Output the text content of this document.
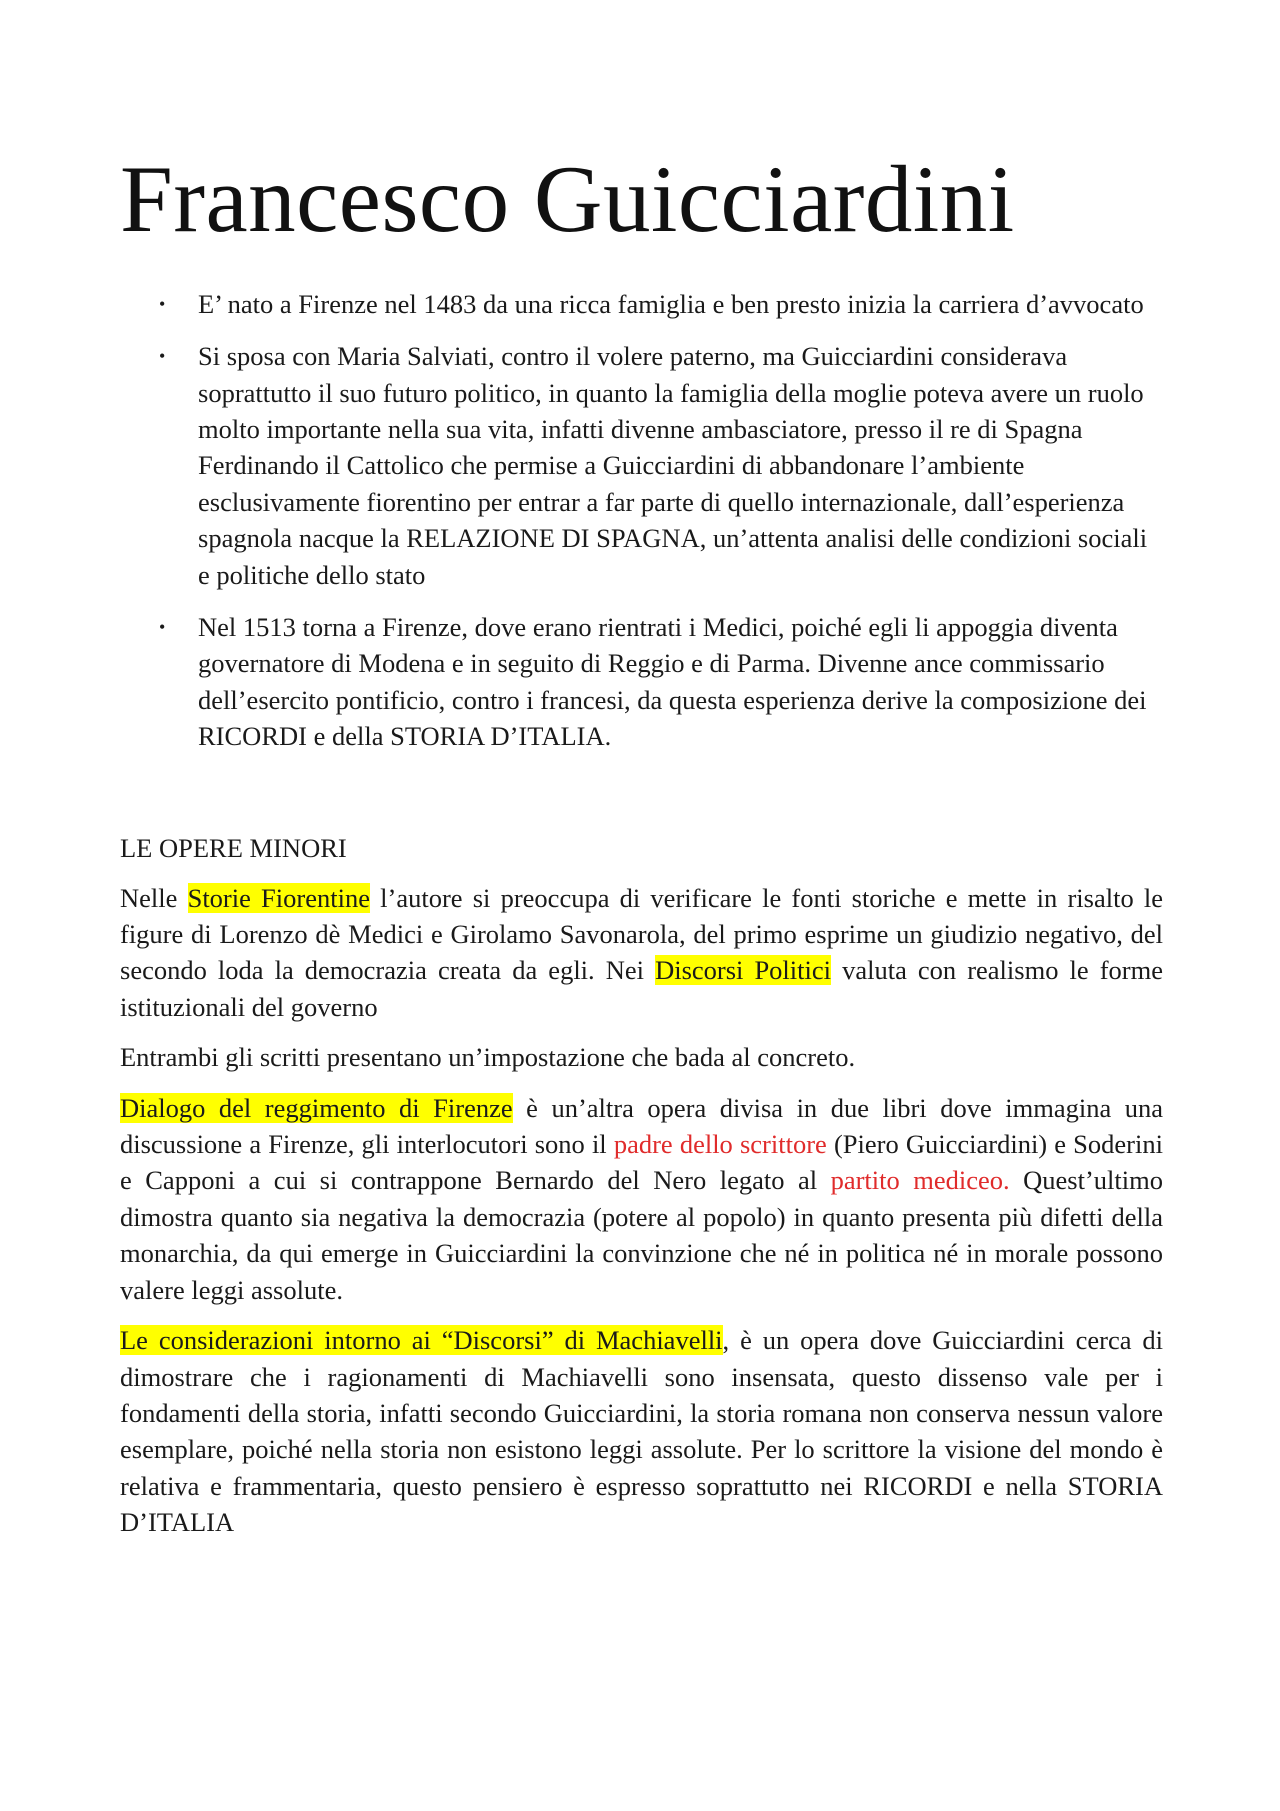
Francesco Guicciardini
• E’ nato a Firenze nel 1483 da una ricca famiglia e ben presto inizia la carriera d’avvocato
• Si sposa con Maria Salviati, contro il volere paterno, ma Guicciardini considerava soprattutto il suo futuro politico, in quanto la famiglia della moglie poteva avere un ruolo molto importante nella sua vita, infatti divenne ambasciatore, presso il re di Spagna Ferdinando il Cattolico che permise a Guicciardini di abbandonare l’ambiente esclusivamente fiorentino per entrar a far parte di quello internazionale, dall’esperienza spagnola nacque la RELAZIONE DI SPAGNA, un’attenta analisi delle condizioni sociali e politiche dello stato
• Nel 1513 torna a Firenze, dove erano rientrati i Medici, poiché egli li appoggia diventa governatore di Modena e in seguito di Reggio e di Parma. Divenne ance commissario dell’esercito pontificio, contro i francesi, da questa esperienza derive la composizione dei RICORDI e della STORIA D’ITALIA.
LE OPERE MINORI

Nelle Storie Fiorentine l’autore si preoccupa di verificare le fonti storiche e mette in risalto le figure di Lorenzo dè Medici e Girolamo Savonarola, del primo esprime un giudizio negativo, del secondo loda la democrazia creata da egli. Nei Discorsi Politici valuta con realismo le forme istituzionali del governo

Entrambi gli scritti presentano un’impostazione che bada al concreto.

Dialogo del reggimento di Firenze è un’altra opera divisa in due libri dove immagina una discussione a Firenze, gli interlocutori sono il padre dello scrittore (Piero Guicciardini) e Soderini e Capponi a cui si contrappone Bernardo del Nero legato al partito mediceo. Quest’ultimo dimostra quanto sia negativa la democrazia (potere al popolo) in quanto presenta più difetti della monarchia, da qui emerge in Guicciardini la convinzione che né in politica né in morale possono valere leggi assolute.

Le considerazioni intorno ai “Discorsi” di Machiavelli, è un opera dove Guicciardini cerca di dimostrare che i ragionamenti di Machiavelli sono insensata, questo dissenso vale per i fondamenti della storia, infatti secondo Guicciardini, la storia romana non conserva nessun valore esemplare, poiché nella storia non esistono leggi assolute. Per lo scrittore la visione del mondo è relativa e frammentaria, questo pensiero è espresso soprattutto nei RICORDI e nella STORIA D’ITALIA
